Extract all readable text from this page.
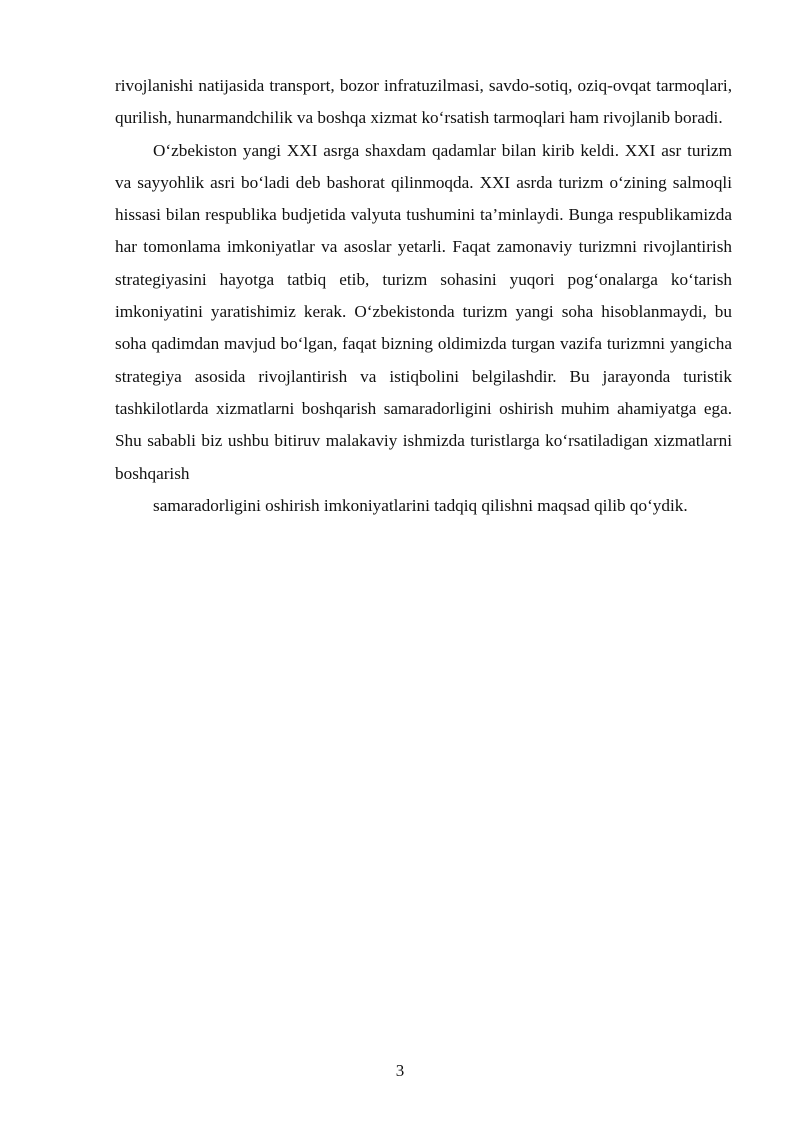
rivojlanishi natijasida transport, bozor infratuzilmasi, savdo-sotiq, oziq-ovqat tarmoqlari, qurilish, hunarmandchilik va boshqa xizmat ko‘rsatish tarmoqlari ham rivojlanib boradi.

O‘zbekiston yangi XXI asrga shaxdam qadamlar bilan kirib keldi. XXI asr turizm va sayyohlik asri bo‘ladi deb bashorat qilinmoqda. XXI asrda turizm o‘zining salmoqli hissasi bilan respublika budjetida valyuta tushumini ta’minlaydi. Bunga respublikamizda har tomonlama imkoniyatlar va asoslar yetarli. Faqat zamonaviy turizmni rivojlantirish strategiyasini hayotga tatbiq etib, turizm sohasini yuqori pog‘onalarga ko‘tarish imkoniyatini yaratishimiz kerak. O‘zbekistonda turizm yangi soha hisoblanmaydi, bu soha qadimdan mavjud bo‘lgan, faqat bizning oldimizda turgan vazifa turizmni yangicha strategiya asosida rivojlantirish va istiqbolini belgilashdir. Bu jarayonda turistik tashkilotlarda xizmatlarni boshqarish samaradorligini oshirish muhim ahamiyatga ega. Shu sababli biz ushbu bitiruv malakaviy ishmizda turistlarga ko‘rsatiladigan xizmatlarni boshqarish

samaradorligini oshirish imkoniyatlarini tadqiq qilishni maqsad qilib qo‘ydik.

3
